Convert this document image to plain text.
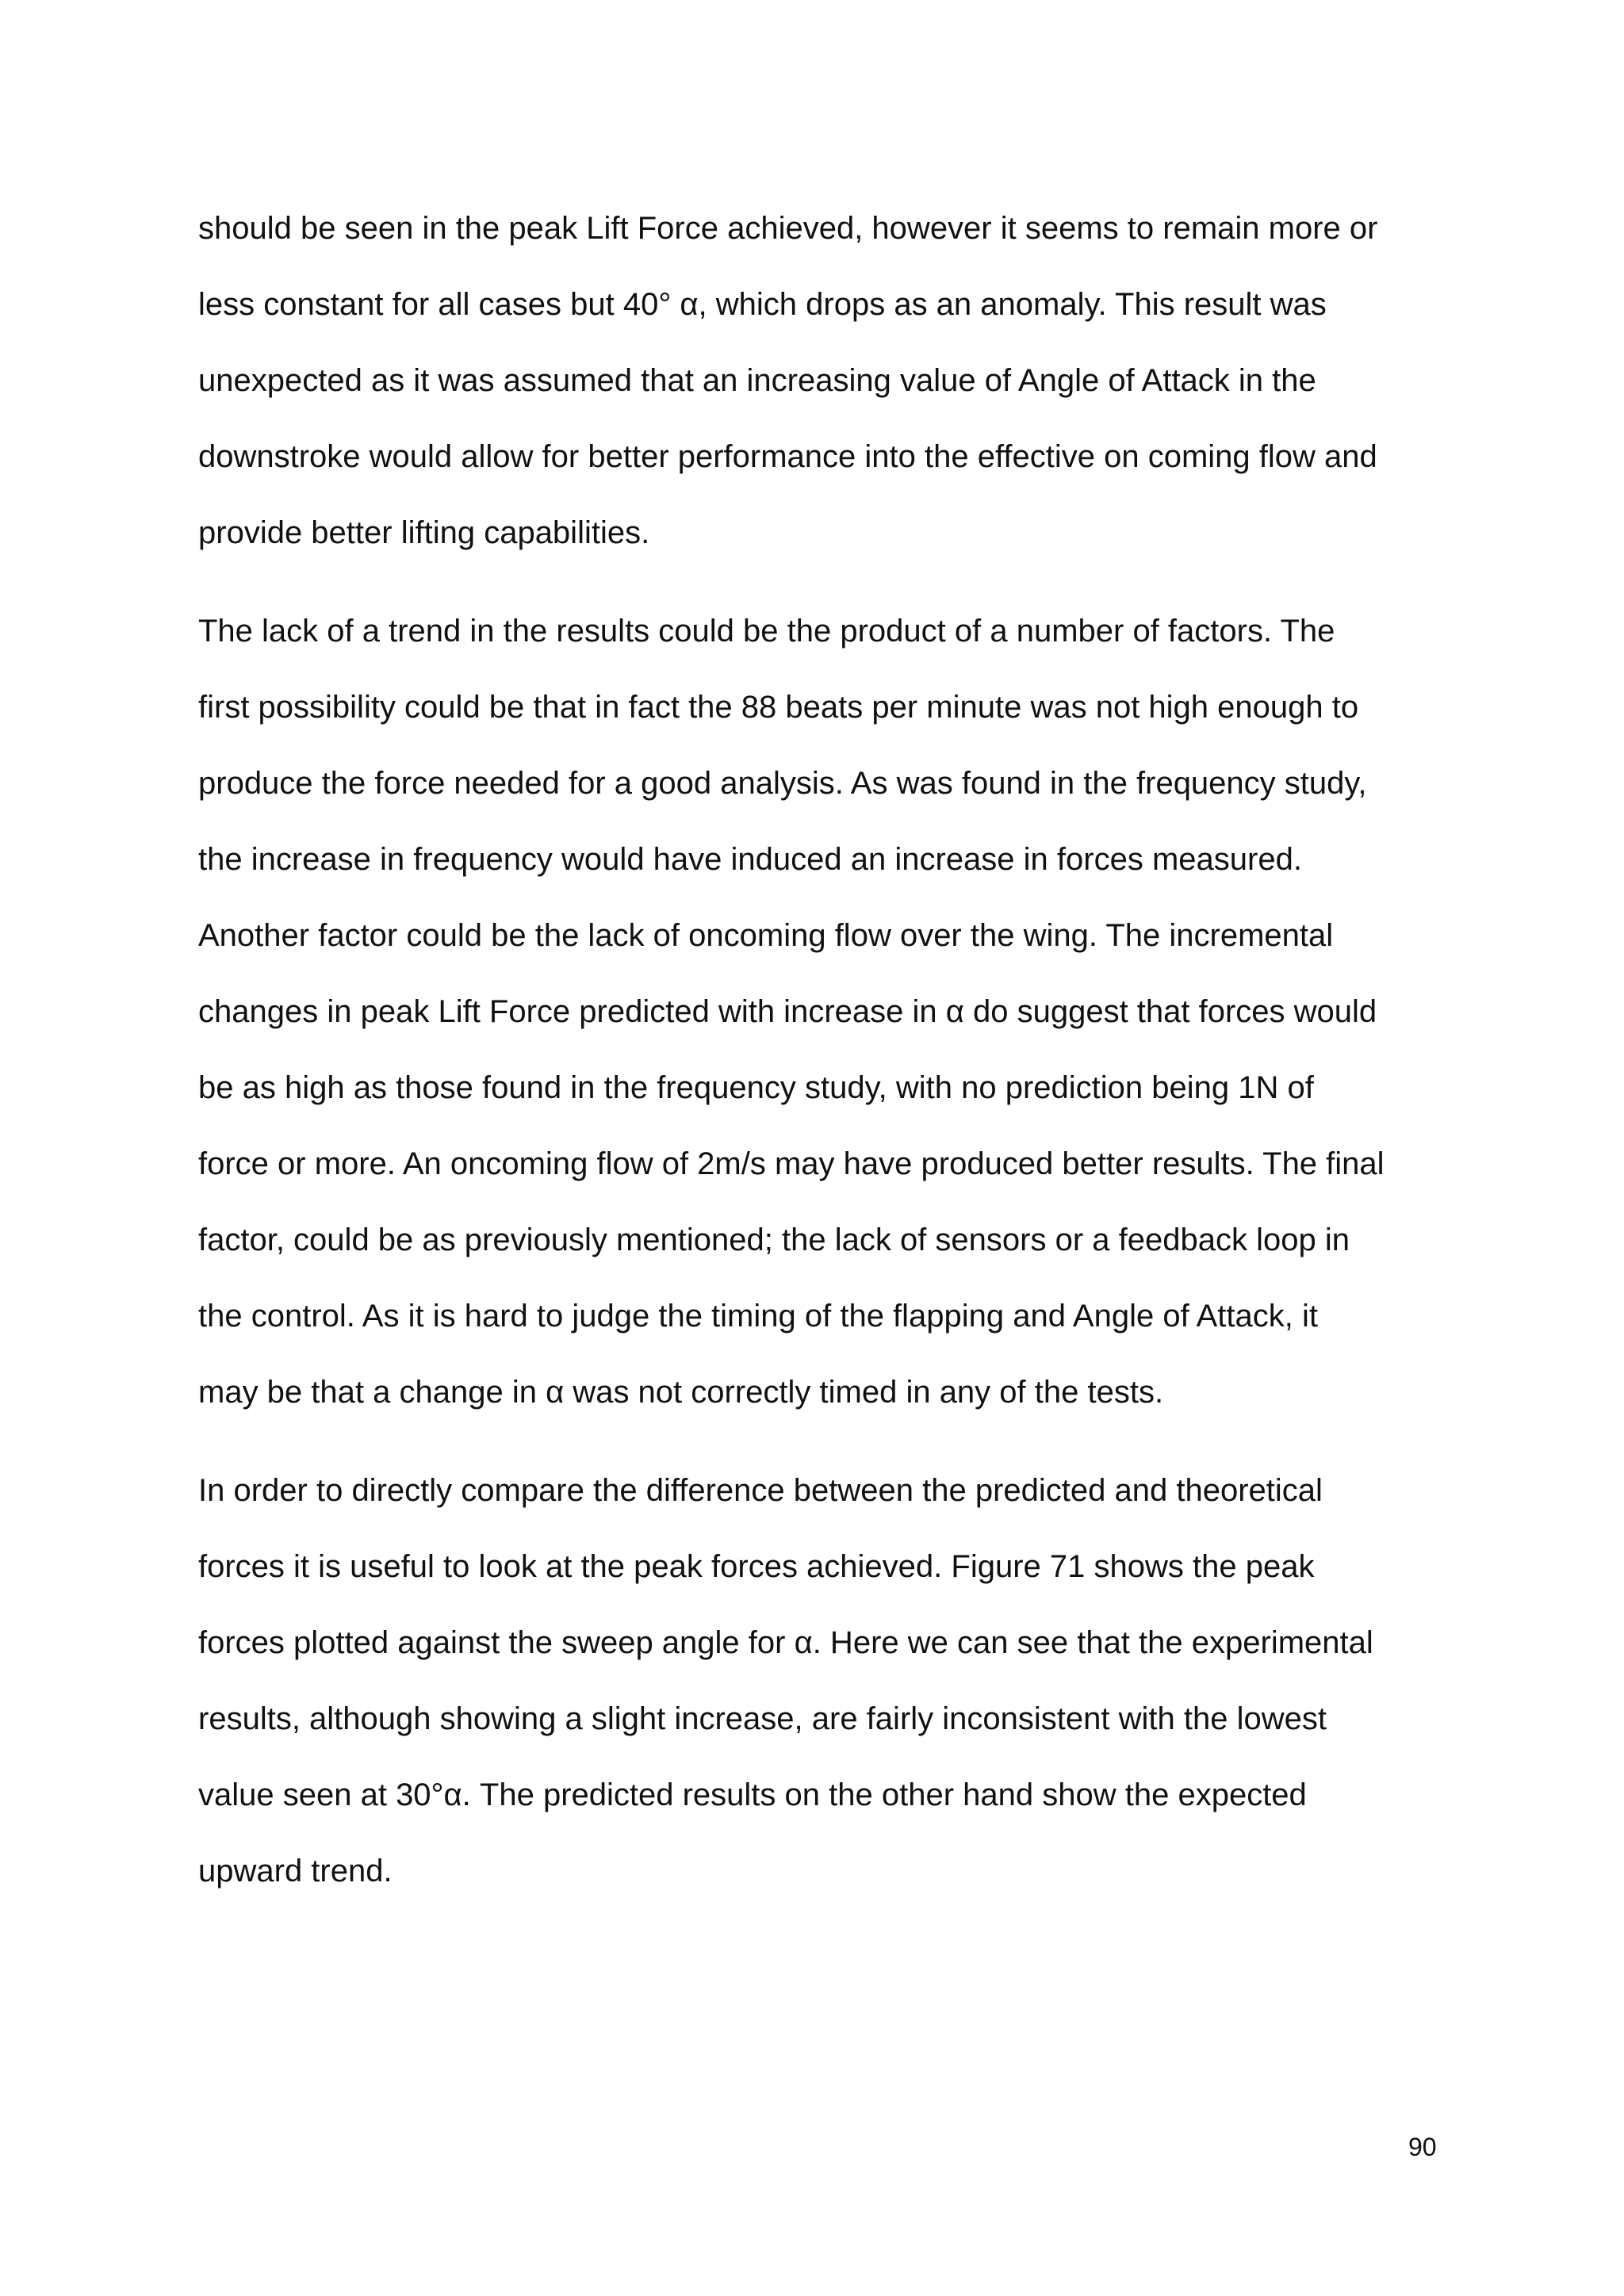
should be seen in the peak Lift Force achieved, however it seems to remain more or
less constant for all cases but 40° α, which drops as an anomaly. This result was
unexpected as it was assumed that an increasing value of Angle of Attack in the
downstroke would allow for better performance into the effective on coming flow and
provide better lifting capabilities.
The lack of a trend in the results could be the product of a number of factors. The
first possibility could be that in fact the 88 beats per minute was not high enough to
produce the force needed for a good analysis. As was found in the frequency study,
the increase in frequency would have induced an increase in forces measured.
Another factor could be the lack of oncoming flow over the wing. The incremental
changes in peak Lift Force predicted with increase in α do suggest that forces would
be as high as those found in the frequency study, with no prediction being 1N of
force or more. An oncoming flow of 2m/s may have produced better results. The final
factor, could be as previously mentioned; the lack of sensors or a feedback loop in
the control. As it is hard to judge the timing of the flapping and Angle of Attack, it
may be that a change in α was not correctly timed in any of the tests.
In order to directly compare the difference between the predicted and theoretical
forces it is useful to look at the peak forces achieved. Figure 71 shows the peak
forces plotted against the sweep angle for α. Here we can see that the experimental
results, although showing a slight increase, are fairly inconsistent with the lowest
value seen at 30°α. The predicted results on the other hand show the expected
upward trend.
90
